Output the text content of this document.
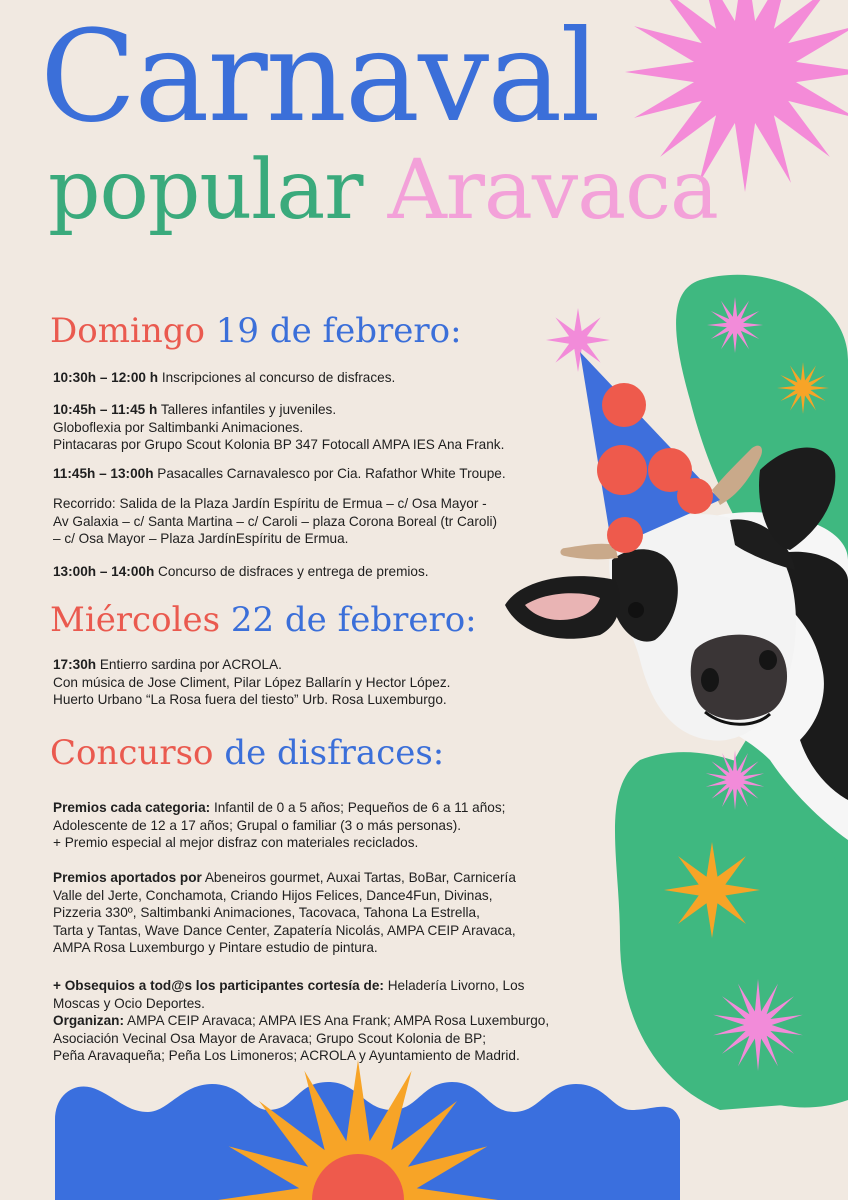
Carnaval
popular Aravaca
Domingo 19 de febrero:
10:30h – 12:00 h Inscripciones al concurso de disfraces.
10:45h – 11:45 h Talleres infantiles y juveniles.
Globoflexia por Saltimbanki Animaciones.
Pintacaras por Grupo Scout Kolonia BP 347 Fotocall AMPA IES Ana Frank.
11:45h – 13:00h Pasacalles Carnavalesco por Cia. Rafathor White Troupe.
Recorrido: Salida de la Plaza Jardín Espíritu de Ermua – c/ Osa Mayor -
Av Galaxia – c/ Santa Martina – c/ Caroli – plaza Corona Boreal (tr Caroli)
– c/ Osa Mayor – Plaza JardínEspíritu de Ermua.
13:00h – 14:00h Concurso de disfraces y entrega de premios.
Miércoles 22 de febrero:
17:30h Entierro sardina por ACROLA.
Con música de Jose Climent, Pilar López Ballarín y Hector López.
Huerto Urbano “La Rosa fuera del tiesto” Urb. Rosa Luxemburgo.
Concurso de disfraces:
Premios cada categoria: Infantil de 0 a 5 años; Pequeños de 6 a 11 años;
Adolescente de 12 a 17 años; Grupal o familiar (3 o más personas).
+ Premio especial al mejor disfraz con materiales reciclados.
Premios aportados por Abeneiros gourmet, Auxai Tartas, BoBar, Carnicería
Valle del Jerte, Conchamota, Criando Hijos Felices, Dance4Fun, Divinas,
Pizzeria 330º, Saltimbanki Animaciones, Tacovaca, Tahona La Estrella,
Tarta y Tantas, Wave Dance Center, Zapatería Nicolás, AMPA CEIP Aravaca,
AMPA Rosa Luxemburgo y Pintare estudio de pintura.
+ Obsequios a tod@s los participantes cortesía de: Heladería Livorno, Los
Moscas y Ocio Deportes.
Organizan: AMPA CEIP Aravaca; AMPA IES Ana Frank; AMPA Rosa Luxemburgo,
Asociación Vecinal Osa Mayor de Aravaca; Grupo Scout Kolonia de BP;
Peña Aravaqueña; Peña Los Limoneros; ACROLA y Ayuntamiento de Madrid.
